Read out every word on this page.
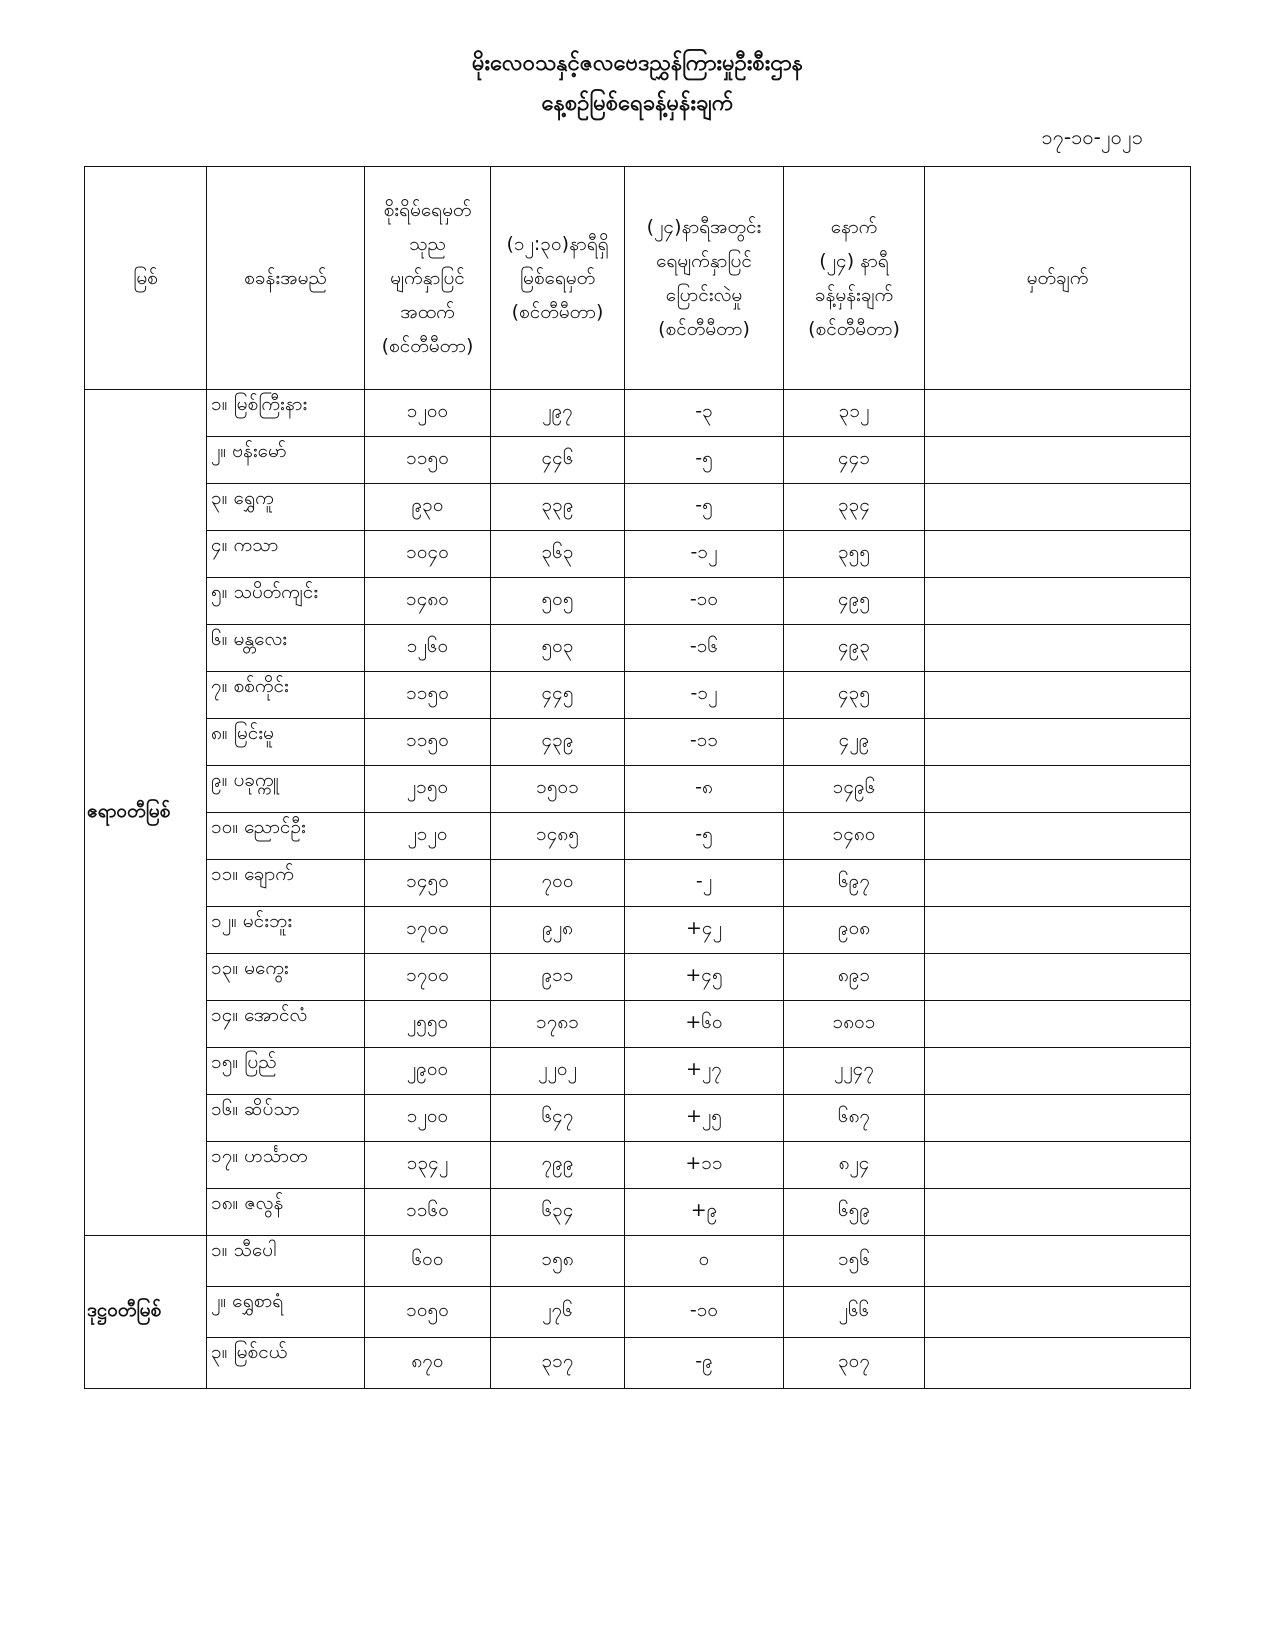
မိုးလေဝသနှင့်ဇလဗေဒညွှန်ကြားမှုဦးစီးဌာန
နေ့စဉ်မြစ်ရေခန့်မှန်းချက်
၁၇-၁၀-၂၀၂၁
မြစ်	စခန်းအမည်	စိုးရိမ်ရေမှတ်
သုည
မျက်နှာပြင်
အထက်
(စင်တီမီတာ)	(၁၂:၃၀)နာရီရှိ
မြစ်ရေမှတ်
(စင်တီမီတာ)	(၂၄)နာရီအတွင်း
ရေမျက်နှာပြင်
ပြောင်းလဲမှု
(စင်တီမီတာ)	နောက်
(၂၄) နာရီ
ခန့်မှန်းချက်
(စင်တီမီတာ)	မှတ်ချက်
ဧရာဝတီမြစ်	၁။ မြစ်ကြီးနား	၁၂၀၀	၂၉၇	-၃	၃၁၂	
	၂။ ဗန်းမော်	၁၁၅၀	၄၄၆	-၅	၄၄၁	
	၃။ ရွှေကူ	၉၃၀	၃၃၉	-၅	၃၃၄	
	၄။ ကသာ	၁၀၄၀	၃၆၃	-၁၂	၃၅၅	
	၅။ သပိတ်ကျင်း	၁၄၈၀	၅၀၅	-၁၀	၄၉၅	
	၆။ မန္တလေး	၁၂၆၀	၅၀၃	-၁၆	၄၉၃	
	၇။ စစ်ကိုင်း	၁၁၅၀	၄၄၅	-၁၂	၄၃၅	
	၈။ မြင်းမူ	၁၁၅၀	၄၃၉	-၁၁	၄၂၉	
	၉။ ပခုက္ကူ	၂၁၅၀	၁၅၀၁	-၈	၁၄၉၆	
	၁၀။ ညောင်ဦး	၂၁၂၀	၁၄၈၅	-၅	၁၄၈၀	
	၁၁။ ချောက်	၁၄၅၀	၇၀၀	-၂	၆၉၇	
	၁၂။ မင်းဘူး	၁၇၀၀	၉၂၈	+၄၂	၉၀၈	
	၁၃။ မကွေး	၁၇၀၀	၉၁၁	+၄၅	၈၉၁	
	၁၄။ အောင်လံ	၂၅၅၀	၁၇၈၁	+၆၀	၁၈၀၁	
	၁၅။ ပြည်	၂၉၀၀	၂၂၀၂	+၂၇	၂၂၄၇	
	၁၆။ ဆိပ်သာ	၁၂၀၀	၆၄၇	+၂၅	၆၈၇	
	၁၇။ ဟင်္သာတ	၁၃၄၂	၇၉၉	+၁၁	၈၂၄	
	၁၈။ ဇလွန်	၁၁၆၀	၆၃၄	+၉	၆၅၉	
ဒုဋ္ဌဝတီမြစ်	၁။ သီပေါ	၆၀၀	၁၅၈	၀	၁၅၆	
	၂။ ရွှေစာရံ	၁၀၅၀	၂၇၆	-၁၀	၂၆၆	
	၃။ မြစ်ငယ်	၈၇၀	၃၁၇	-၉	၃၀၇	
